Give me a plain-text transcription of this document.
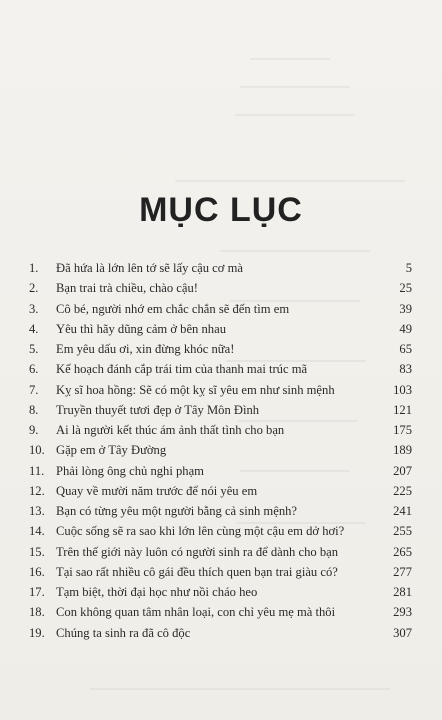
MỤC LỤC
1.	Đã hứa là lớn lên tớ sẽ lấy cậu cơ mà	5
2.	Bạn trai trà chiều, chào cậu!	25
3.	Cô bé, người nhớ em chắc chắn sẽ đến tìm em	39
4.	Yêu thì hãy dũng cảm ở bên nhau	49
5.	Em yêu dấu ơi, xin đừng khóc nữa!	65
6.	Kế hoạch đánh cắp trái tim của thanh mai trúc mã	83
7.	Kỵ sĩ hoa hồng: Sẽ có một kỵ sĩ yêu em như sinh mệnh	103
8.	Truyền thuyết tươi đẹp ở Tây Môn Đình	121
9.	Ai là người kết thúc ám ảnh thất tình cho bạn	175
10. Gặp em ở Tây Đường	189
11. Phải lòng ông chủ nghi phạm	207
12. Quay về mười năm trước để nói yêu em	225
13. Bạn có từng yêu một người bằng cả sinh mệnh?	241
14. Cuộc sống sẽ ra sao khi lớn lên cùng một cậu em dở hơi?	255
15. Trên thế giới này luôn có người sinh ra để dành cho bạn	265
16. Tại sao rất nhiều cô gái đều thích quen bạn trai giàu có?	277
17. Tạm biệt, thời đại học như nồi cháo heo	281
18. Con không quan tâm nhân loại, con chỉ yêu mẹ mà thôi	293
19. Chúng ta sinh ra đã cô độc	307
